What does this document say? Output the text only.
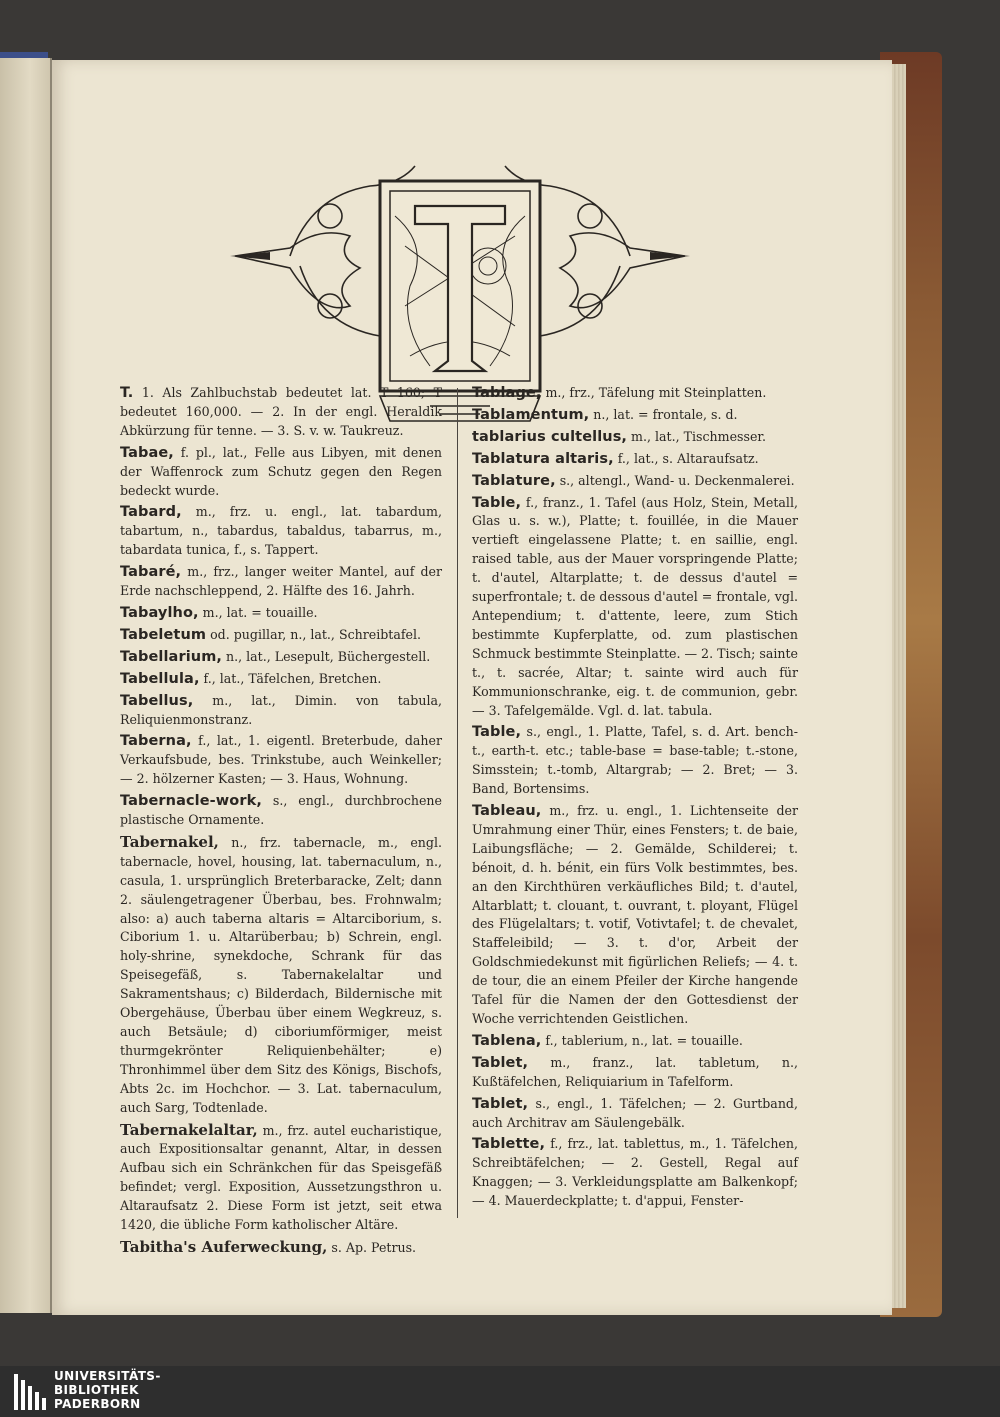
T. 1. Als Zahlbuchstab bedeutet lat. T 160; T bedeutet 160,000. — 2. In der engl. Heraldik Abkürzung für tenne. — 3. S. v. w. Taukreuz.

Tabae, f. pl., lat., Felle aus Libyen, mit denen der Waffenrock zum Schutz gegen den Regen bedeckt wurde.

Tabard, m., frz. u. engl., lat. tabardum, tabartum, n., tabardus, tabaldus, tabarrus, m., tabardata tunica, f., s. Tappert.

Tabaré, m., frz., langer weiter Mantel, auf der Erde nachschleppend, 2. Hälfte des 16. Jahrh.

Tabaylho, m., lat. = touaille.

Tabeletum od. pugillar, n., lat., Schreibtafel.

Tabellarium, n., lat., Lesepult, Büchergestell.

Tabellula, f., lat., Täfelchen, Bretchen.

Tabellus, m., lat., Dimin. von tabula, Reliquienmonstranz.

Taberna, f., lat., 1. eigentl. Breterbude, daher Verkaufsbude, bes. Trinkstube, auch Weinkeller; — 2. hölzerner Kasten; — 3. Haus, Wohnung.

Tabernacle-work, s., engl., durchbrochene plastische Ornamente.

Tabernakel, n., frz. tabernacle, m., engl. tabernacle, hovel, housing, lat. tabernaculum, n., casula, 1. ursprünglich Breterbaracke, Zelt; dann 2. säulengetragener Überbau, bes. Frohnwalm; also: a) auch taberna altaris = Altarciborium, s. Ciborium 1. u. Altarüberbau; b) Schrein, engl. holy-shrine, synekdoche, Schrank für das Speisegefäß, s. Tabernakelaltar und Sakramentshaus; c) Bilderdach, Bildernische mit Obergehäuse, Überbau über einem Wegkreuz, s. auch Betsäule; d) ciboriumförmiger, meist thurmgekrönter Reliquienbehälter; e) Thronhimmel über dem Sitz des Königs, Bischofs, Abts 2c. im Hochchor. — 3. Lat. tabernaculum, auch Sarg, Todtenlade.

Tabernakelaltar, m., frz. autel eucharistique, auch Expositionsaltar genannt, Altar, in dessen Aufbau sich ein Schränkchen für das Speisgefäß befindet; vergl. Exposition, Aussetzungsthron u. Altaraufsatz 2. Diese Form ist jetzt, seit etwa 1420, die übliche Form katholischer Altäre.

Tabitha's Auferweckung, s. Ap. Petrus.

Tablage, m., frz., Täfelung mit Steinplatten.

Tablamentum, n., lat. = frontale, s. d.

tablarius cultellus, m., lat., Tischmesser.

Tablatura altaris, f., lat., s. Altaraufsatz.

Tablature, s., altengl., Wand- u. Deckenmalerei.

Table, f., franz., 1. Tafel (aus Holz, Stein, Metall, Glas u. s. w.), Platte; t. fouillée, in die Mauer vertieft eingelassene Platte; t. en saillie, engl. raised table, aus der Mauer vorspringende Platte; t. d'autel, Altarplatte; t. de dessus d'autel = superfrontale; t. de dessous d'autel = frontale, vgl. Antependium; t. d'attente, leere, zum Stich bestimmte Kupferplatte, od. zum plastischen Schmuck bestimmte Steinplatte. — 2. Tisch; sainte t., t. sacrée, Altar; t. sainte wird auch für Kommunionschranke, eig. t. de communion, gebr. — 3. Tafelgemälde. Vgl. d. lat. tabula.

Table, s., engl., 1. Platte, Tafel, s. d. Art. bench-t., earth-t. etc.; table-base = base-table; t.-stone, Simsstein; t.-tomb, Altargrab; — 2. Bret; — 3. Band, Bortensims.

Tableau, m., frz. u. engl., 1. Lichtenseite der Umrahmung einer Thür, eines Fensters; t. de baie, Laibungsfläche; — 2. Gemälde, Schilderei; t. bénoit, d. h. bénit, ein fürs Volk bestimmtes, bes. an den Kirchthüren verkäufliches Bild; t. d'autel, Altarblatt; t. clouant, t. ouvrant, t. ployant, Flügel des Flügelaltars; t. votif, Votivtafel; t. de chevalet, Staffeleibild; — 3. t. d'or, Arbeit der Goldschmiedekunst mit figürlichen Reliefs; — 4. t. de tour, die an einem Pfeiler der Kirche hangende Tafel für die Namen der den Gottesdienst der Woche verrichtenden Geistlichen.

Tablena, f., tablerium, n., lat. = touaille.

Tablet, m., franz., lat. tabletum, n., Kußtäfelchen, Reliquiarium in Tafelform.

Tablet, s., engl., 1. Täfelchen; — 2. Gurtband, auch Architrav am Säulengebälk.

Tablette, f., frz., lat. tablettus, m., 1. Täfelchen, Schreibtäfelchen; — 2. Gestell, Regal auf Knaggen; — 3. Verkleidungsplatte am Balkenkopf; — 4. Mauerdeckplatte; t. d'appui, Fenster-

UNIVERSITÄTS-
BIBLIOTHEK
PADERBORN
